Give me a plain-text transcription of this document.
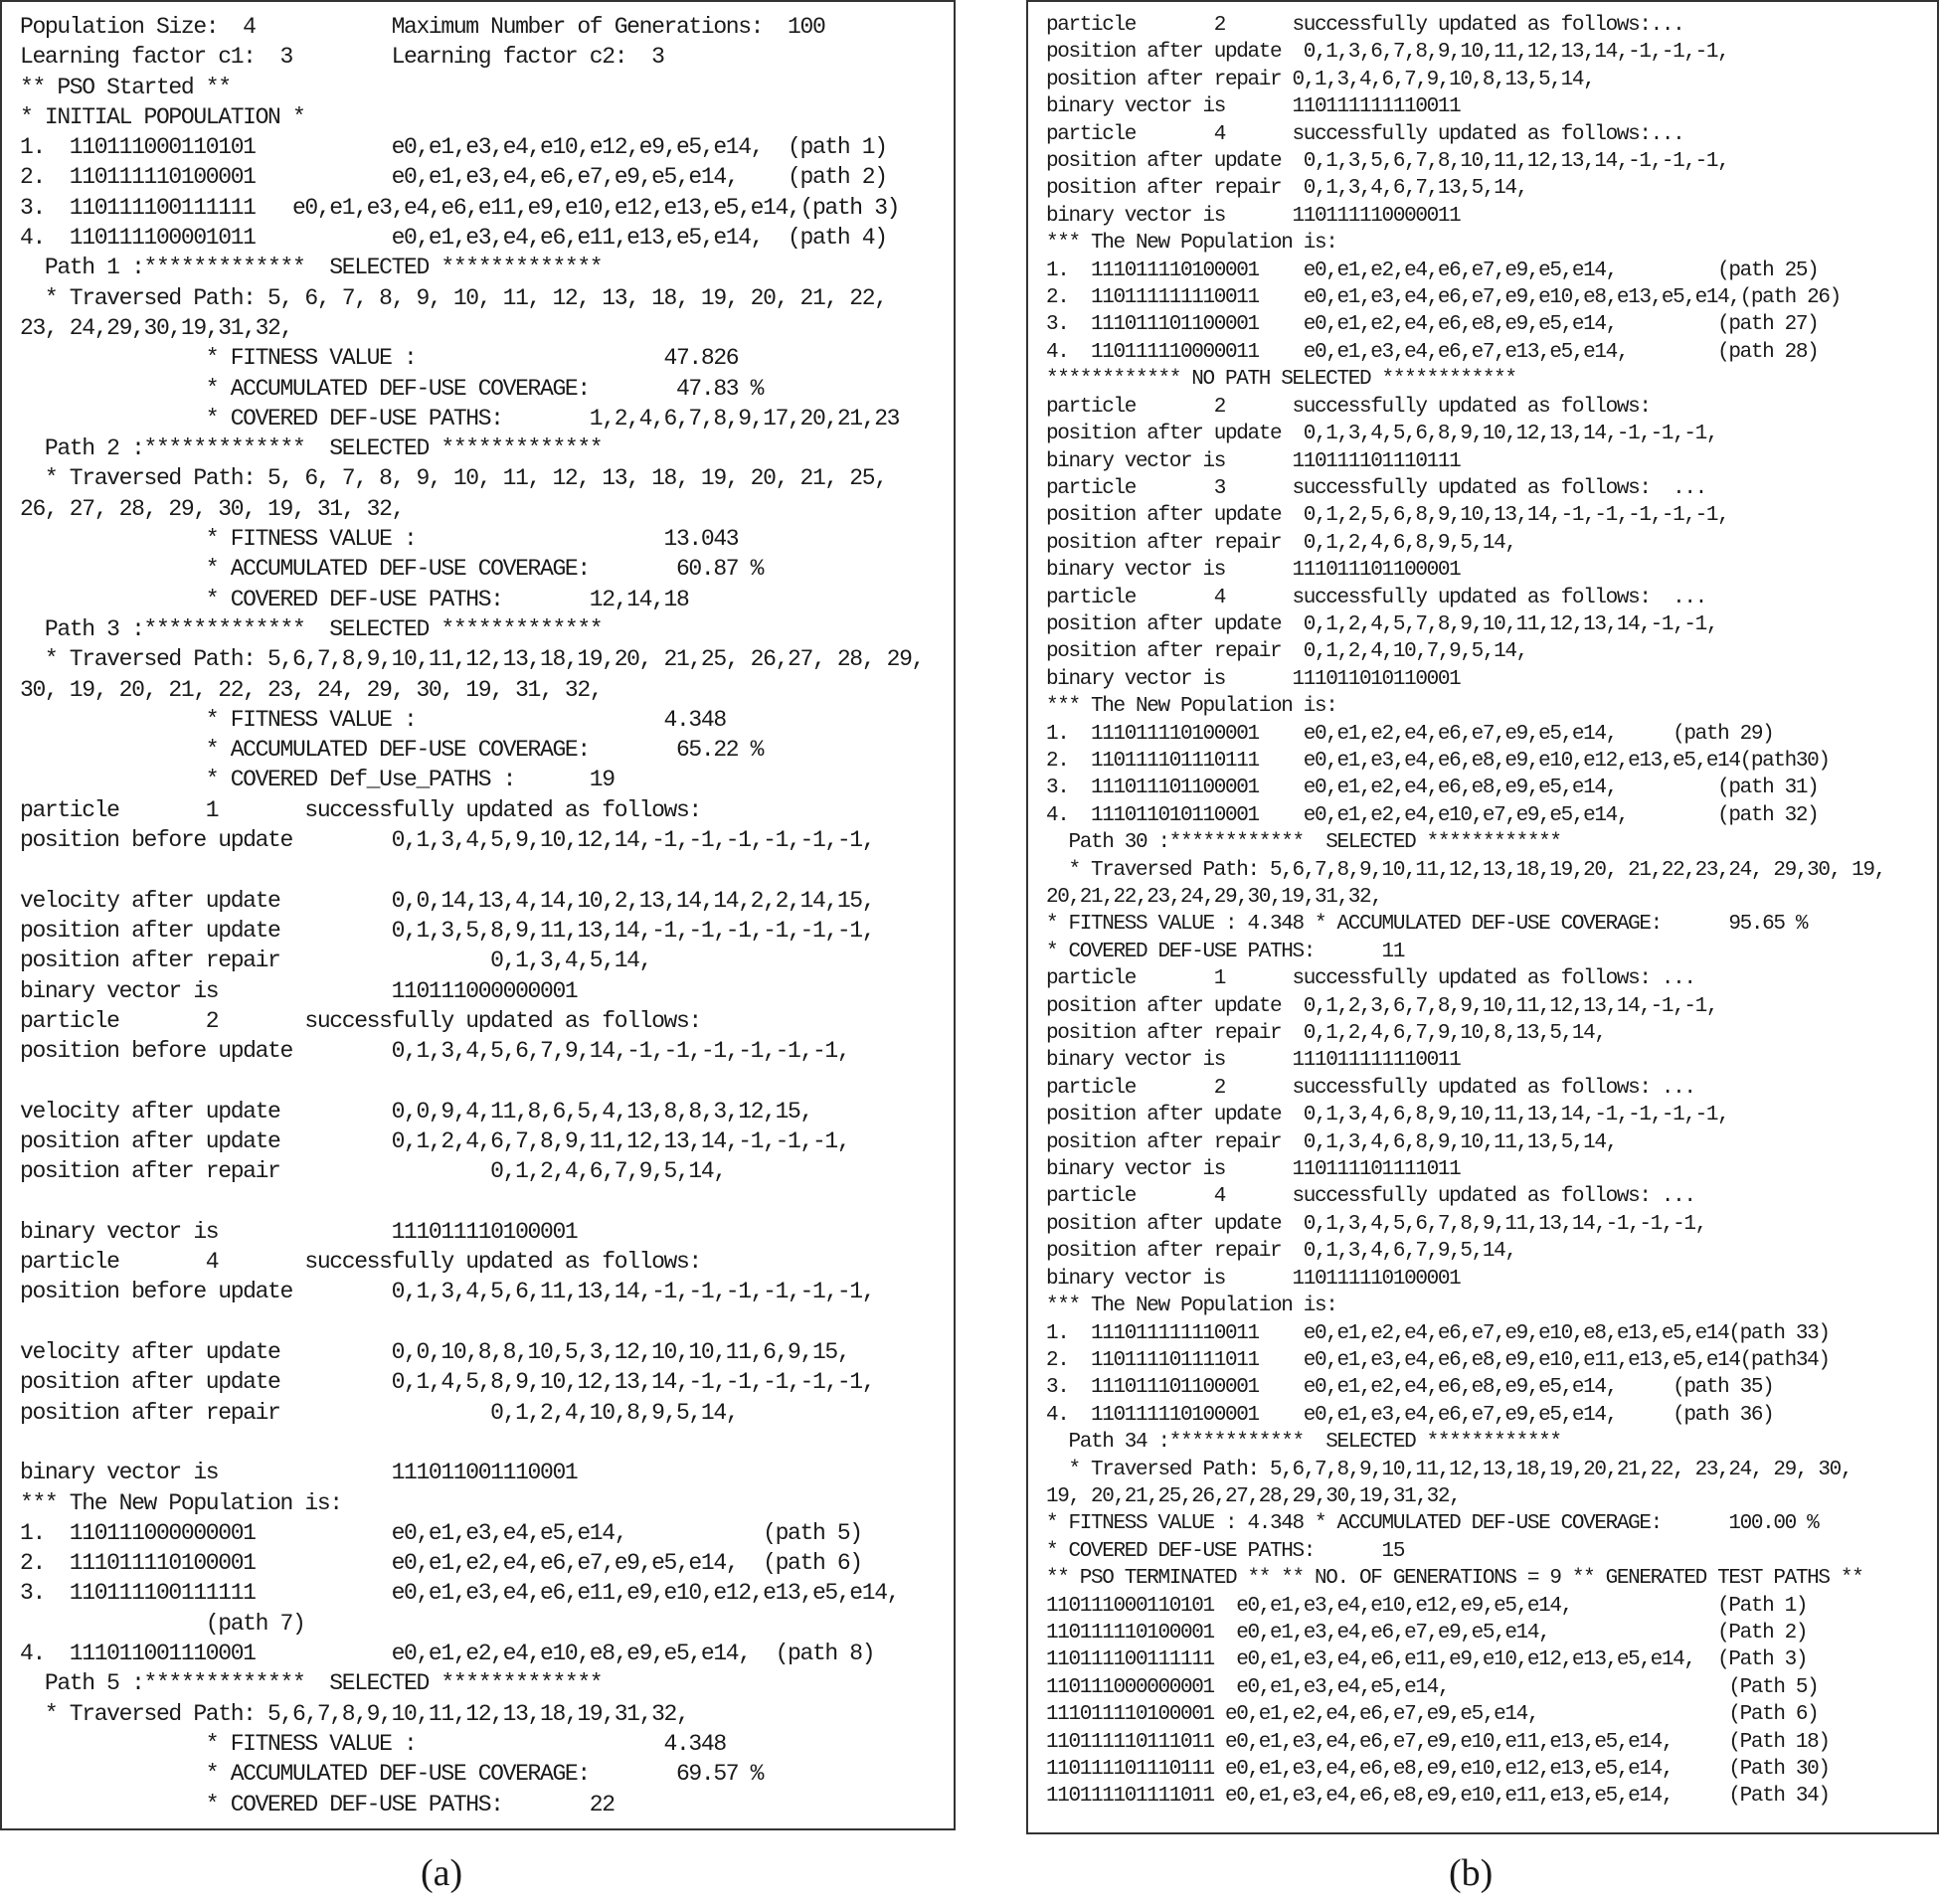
Population Size:  4           Maximum Number of Generations:  100
Learning factor c1:  3        Learning factor c2:  3
** PSO Started **
* INITIAL POPOULATION *
1.  110111000110101           e0,e1,e3,e4,e10,e12,e9,e5,e14,  (path 1)
2.  110111110100001           e0,e1,e3,e4,e6,e7,e9,e5,e14,    (path 2)
3.  110111100111111   e0,e1,e3,e4,e6,e11,e9,e10,e12,e13,e5,e14,(path 3)
4.  110111100001011           e0,e1,e3,e4,e6,e11,e13,e5,e14,  (path 4)
Path 1 :*************  SELECTED *************
* Traversed Path: 5, 6, 7, 8, 9, 10, 11, 12, 13, 18, 19, 20, 21, 22,
23, 24,29,30,19,31,32,
* FITNESS VALUE :                    47.826
* ACCUMULATED DEF-USE COVERAGE:       47.83 %
* COVERED DEF-USE PATHS:       1,2,4,6,7,8,9,17,20,21,23
Path 2 :*************  SELECTED *************
* Traversed Path: 5, 6, 7, 8, 9, 10, 11, 12, 13, 18, 19, 20, 21, 25,
26, 27, 28, 29, 30, 19, 31, 32,
* FITNESS VALUE :                    13.043
* ACCUMULATED DEF-USE COVERAGE:       60.87 %
* COVERED DEF-USE PATHS:       12,14,18
Path 3 :*************  SELECTED *************
* Traversed Path: 5,6,7,8,9,10,11,12,13,18,19,20, 21,25, 26,27, 28, 29,
30, 19, 20, 21, 22, 23, 24, 29, 30, 19, 31, 32,
* FITNESS VALUE :                    4.348
* ACCUMULATED DEF-USE COVERAGE:       65.22 %
* COVERED Def_Use_PATHS :      19
particle       1       successfully updated as follows:
position before update        0,1,3,4,5,9,10,12,14,-1,-1,-1,-1,-1,-1,

velocity after update         0,0,14,13,4,14,10,2,13,14,14,2,2,14,15,
position after update         0,1,3,5,8,9,11,13,14,-1,-1,-1,-1,-1,-1,
position after repair                 0,1,3,4,5,14,
binary vector is              110111000000001
particle       2       successfully updated as follows:
position before update        0,1,3,4,5,6,7,9,14,-1,-1,-1,-1,-1,-1,

velocity after update         0,0,9,4,11,8,6,5,4,13,8,8,3,12,15,
position after update         0,1,2,4,6,7,8,9,11,12,13,14,-1,-1,-1,
position after repair                 0,1,2,4,6,7,9,5,14,

binary vector is              111011110100001
particle       4       successfully updated as follows:
position before update        0,1,3,4,5,6,11,13,14,-1,-1,-1,-1,-1,-1,

velocity after update         0,0,10,8,8,10,5,3,12,10,10,11,6,9,15,
position after update         0,1,4,5,8,9,10,12,13,14,-1,-1,-1,-1,-1,
position after repair                 0,1,2,4,10,8,9,5,14,

binary vector is              111011001110001
*** The New Population is:
1.  110111000000001           e0,e1,e3,e4,e5,e14,           (path 5)
2.  111011110100001           e0,e1,e2,e4,e6,e7,e9,e5,e14,  (path 6)
3.  110111100111111           e0,e1,e3,e4,e6,e11,e9,e10,e12,e13,e5,e14,
(path 7)
4.  111011001110001           e0,e1,e2,e4,e10,e8,e9,e5,e14,  (path 8)
Path 5 :*************  SELECTED *************
* Traversed Path: 5,6,7,8,9,10,11,12,13,18,19,31,32,
* FITNESS VALUE :                    4.348
* ACCUMULATED DEF-USE COVERAGE:       69.57 %
* COVERED DEF-USE PATHS:       22
(a)
particle       2      successfully updated as follows:...
position after update  0,1,3,6,7,8,9,10,11,12,13,14,-1,-1,-1,
position after repair 0,1,3,4,6,7,9,10,8,13,5,14,
binary vector is      110111111110011
particle       4      successfully updated as follows:...
position after update  0,1,3,5,6,7,8,10,11,12,13,14,-1,-1,-1,
position after repair  0,1,3,4,6,7,13,5,14,
binary vector is      110111110000011
*** The New Population is:
1.  111011110100001    e0,e1,e2,e4,e6,e7,e9,e5,e14,         (path 25)
2.  110111111110011    e0,e1,e3,e4,e6,e7,e9,e10,e8,e13,e5,e14,(path 26)
3.  111011101100001    e0,e1,e2,e4,e6,e8,e9,e5,e14,         (path 27)
4.  110111110000011    e0,e1,e3,e4,e6,e7,e13,e5,e14,        (path 28)
************ NO PATH SELECTED ************
particle       2      successfully updated as follows:
position after update  0,1,3,4,5,6,8,9,10,12,13,14,-1,-1,-1,
binary vector is      110111101110111
particle       3      successfully updated as follows:  ...
position after update  0,1,2,5,6,8,9,10,13,14,-1,-1,-1,-1,-1,
position after repair  0,1,2,4,6,8,9,5,14,
binary vector is      111011101100001
particle       4      successfully updated as follows:  ...
position after update  0,1,2,4,5,7,8,9,10,11,12,13,14,-1,-1,
position after repair  0,1,2,4,10,7,9,5,14,
binary vector is      111011010110001
*** The New Population is:
1.  111011110100001    e0,e1,e2,e4,e6,e7,e9,e5,e14,     (path 29)
2.  110111101110111    e0,e1,e3,e4,e6,e8,e9,e10,e12,e13,e5,e14(path30)
3.  111011101100001    e0,e1,e2,e4,e6,e8,e9,e5,e14,         (path 31)
4.  111011010110001    e0,e1,e2,e4,e10,e7,e9,e5,e14,        (path 32)
Path 30 :************  SELECTED ************
* Traversed Path: 5,6,7,8,9,10,11,12,13,18,19,20, 21,22,23,24, 29,30, 19,
20,21,22,23,24,29,30,19,31,32,
* FITNESS VALUE : 4.348 * ACCUMULATED DEF-USE COVERAGE:      95.65 %
* COVERED DEF-USE PATHS:      11
particle       1      successfully updated as follows: ...
position after update  0,1,2,3,6,7,8,9,10,11,12,13,14,-1,-1,
position after repair  0,1,2,4,6,7,9,10,8,13,5,14,
binary vector is      111011111110011
particle       2      successfully updated as follows: ...
position after update  0,1,3,4,6,8,9,10,11,13,14,-1,-1,-1,-1,
position after repair  0,1,3,4,6,8,9,10,11,13,5,14,
binary vector is      110111101111011
particle       4      successfully updated as follows: ...
position after update  0,1,3,4,5,6,7,8,9,11,13,14,-1,-1,-1,
position after repair  0,1,3,4,6,7,9,5,14,
binary vector is      110111110100001
*** The New Population is:
1.  111011111110011    e0,e1,e2,e4,e6,e7,e9,e10,e8,e13,e5,e14(path 33)
2.  110111101111011    e0,e1,e3,e4,e6,e8,e9,e10,e11,e13,e5,e14(path34)
3.  111011101100001    e0,e1,e2,e4,e6,e8,e9,e5,e14,     (path 35)
4.  110111110100001    e0,e1,e3,e4,e6,e7,e9,e5,e14,     (path 36)
Path 34 :************  SELECTED ************
* Traversed Path: 5,6,7,8,9,10,11,12,13,18,19,20,21,22, 23,24, 29, 30,
19, 20,21,25,26,27,28,29,30,19,31,32,
* FITNESS VALUE : 4.348 * ACCUMULATED DEF-USE COVERAGE:      100.00 %
* COVERED DEF-USE PATHS:      15
** PSO TERMINATED ** ** NO. OF GENERATIONS = 9 ** GENERATED TEST PATHS **
110111000110101  e0,e1,e3,e4,e10,e12,e9,e5,e14,             (Path 1)
110111110100001  e0,e1,e3,e4,e6,e7,e9,e5,e14,               (Path 2)
110111100111111  e0,e1,e3,e4,e6,e11,e9,e10,e12,e13,e5,e14,  (Path 3)
110111000000001  e0,e1,e3,e4,e5,e14,                         (Path 5)
111011110100001 e0,e1,e2,e4,e6,e7,e9,e5,e14,                 (Path 6)
110111110111011 e0,e1,e3,e4,e6,e7,e9,e10,e11,e13,e5,e14,     (Path 18)
110111101110111 e0,e1,e3,e4,e6,e8,e9,e10,e12,e13,e5,e14,     (Path 30)
110111101111011 e0,e1,e3,e4,e6,e8,e9,e10,e11,e13,e5,e14,     (Path 34)
(b)
